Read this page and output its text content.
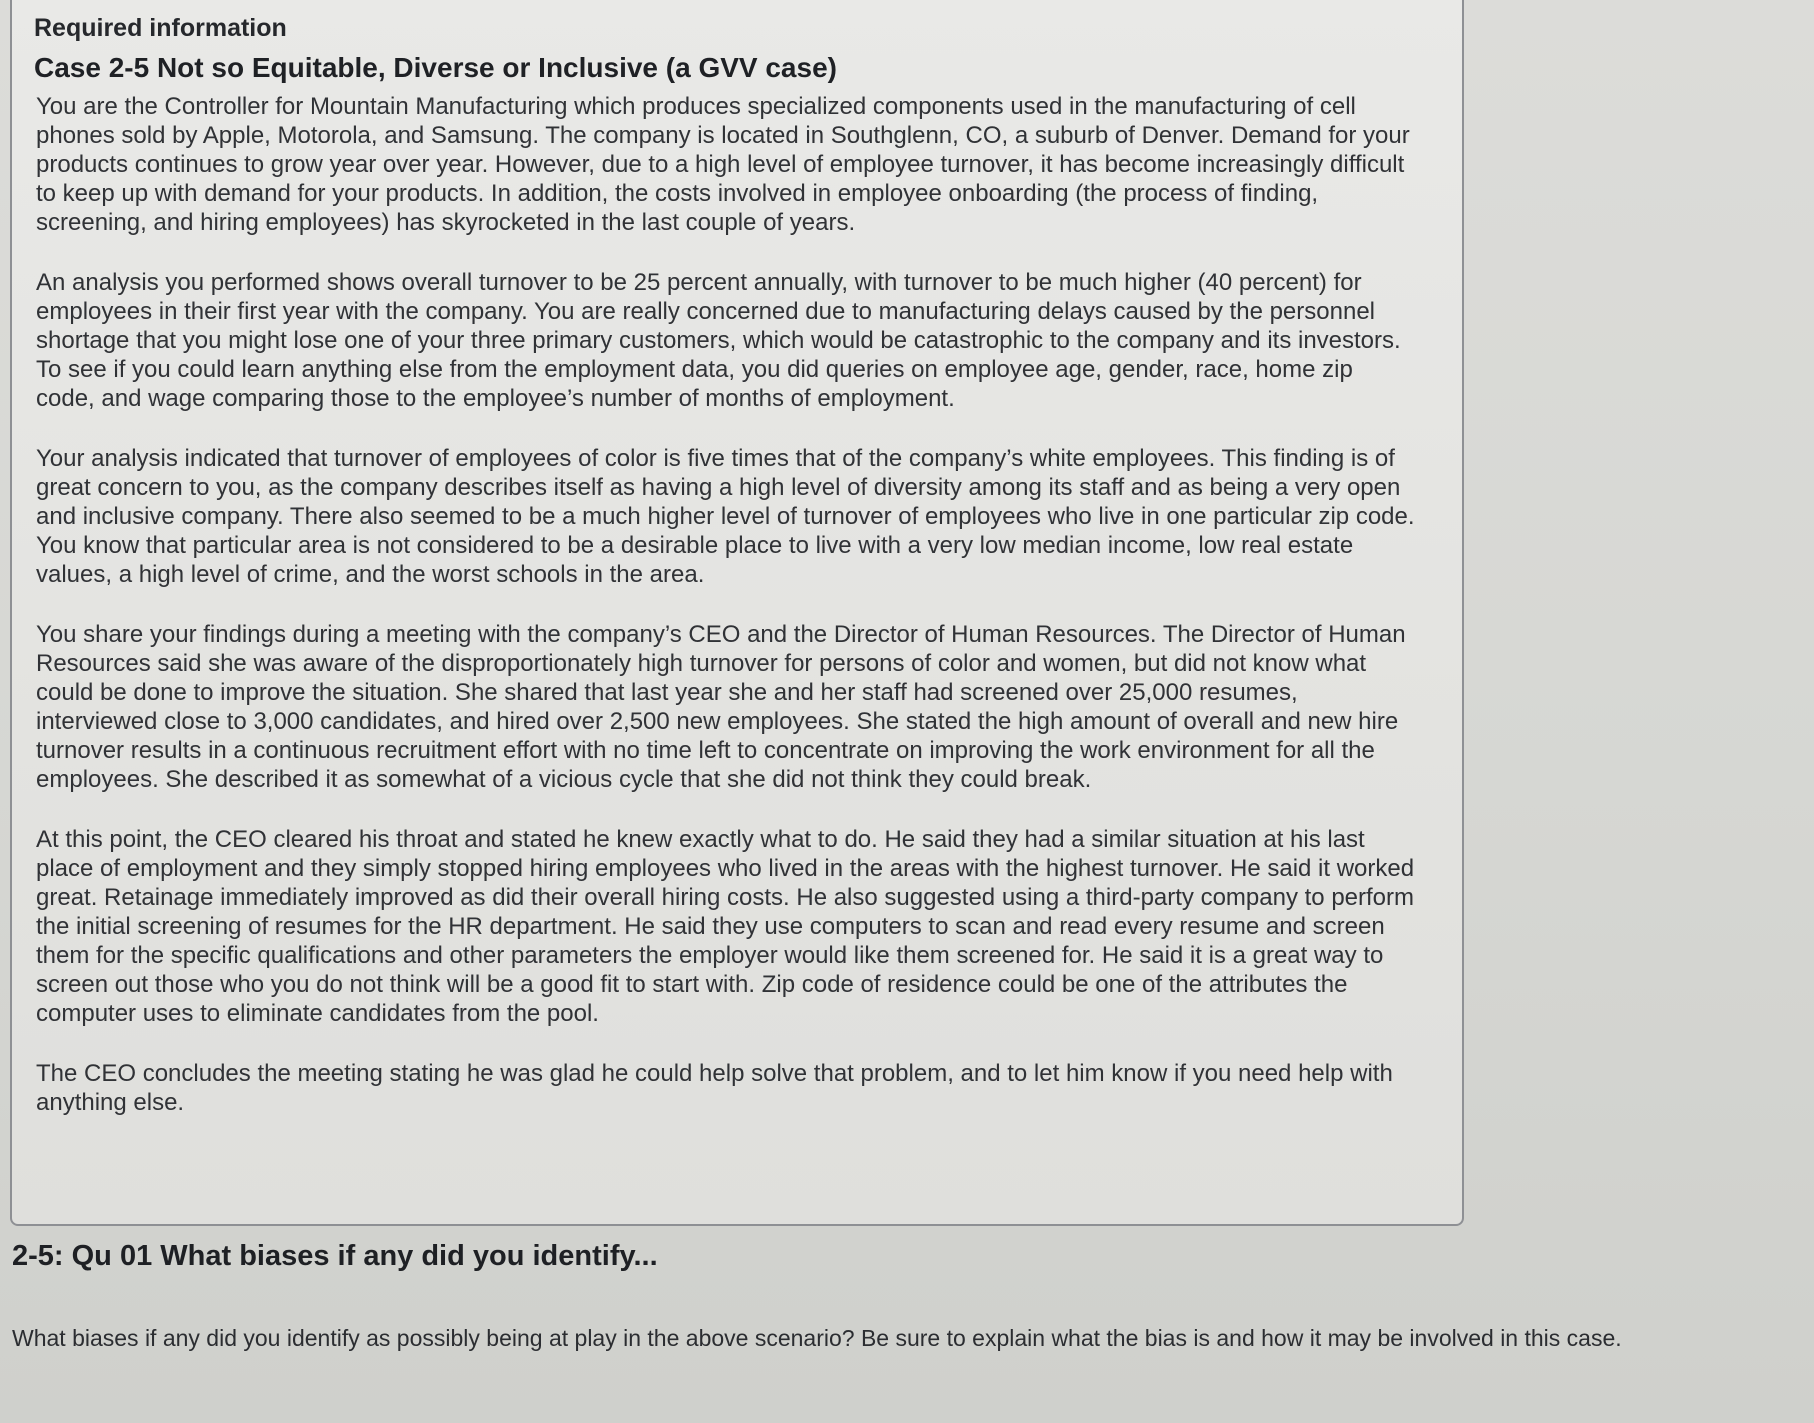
Required information
Case 2-5 Not so Equitable, Diverse or Inclusive (a GVV case)

You are the Controller for Mountain Manufacturing which produces specialized components used in the manufacturing of cell phones sold by Apple, Motorola, and Samsung. The company is located in Southglenn, CO, a suburb of Denver. Demand for your products continues to grow year over year. However, due to a high level of employee turnover, it has become increasingly difficult to keep up with demand for your products. In addition, the costs involved in employee onboarding (the process of finding, screening, and hiring employees) has skyrocketed in the last couple of years.

An analysis you performed shows overall turnover to be 25 percent annually, with turnover to be much higher (40 percent) for employees in their first year with the company. You are really concerned due to manufacturing delays caused by the personnel shortage that you might lose one of your three primary customers, which would be catastrophic to the company and its investors. To see if you could learn anything else from the employment data, you did queries on employee age, gender, race, home zip code, and wage comparing those to the employee’s number of months of employment.

Your analysis indicated that turnover of employees of color is five times that of the company’s white employees. This finding is of great concern to you, as the company describes itself as having a high level of diversity among its staff and as being a very open and inclusive company. There also seemed to be a much higher level of turnover of employees who live in one particular zip code. You know that particular area is not considered to be a desirable place to live with a very low median income, low real estate values, a high level of crime, and the worst schools in the area.

You share your findings during a meeting with the company’s CEO and the Director of Human Resources. The Director of Human Resources said she was aware of the disproportionately high turnover for persons of color and women, but did not know what could be done to improve the situation. She shared that last year she and her staff had screened over 25,000 resumes, interviewed close to 3,000 candidates, and hired over 2,500 new employees. She stated the high amount of overall and new hire turnover results in a continuous recruitment effort with no time left to concentrate on improving the work environment for all the employees. She described it as somewhat of a vicious cycle that she did not think they could break.

At this point, the CEO cleared his throat and stated he knew exactly what to do. He said they had a similar situation at his last place of employment and they simply stopped hiring employees who lived in the areas with the highest turnover. He said it worked great. Retainage immediately improved as did their overall hiring costs. He also suggested using a third-party company to perform the initial screening of resumes for the HR department. He said they use computers to scan and read every resume and screen them for the specific qualifications and other parameters the employer would like them screened for. He said it is a great way to screen out those who you do not think will be a good fit to start with. Zip code of residence could be one of the attributes the computer uses to eliminate candidates from the pool.

The CEO concludes the meeting stating he was glad he could help solve that problem, and to let him know if you need help with anything else.

2-5: Qu 01 What biases if any did you identify...

What biases if any did you identify as possibly being at play in the above scenario? Be sure to explain what the bias is and how it may be involved in this case.
